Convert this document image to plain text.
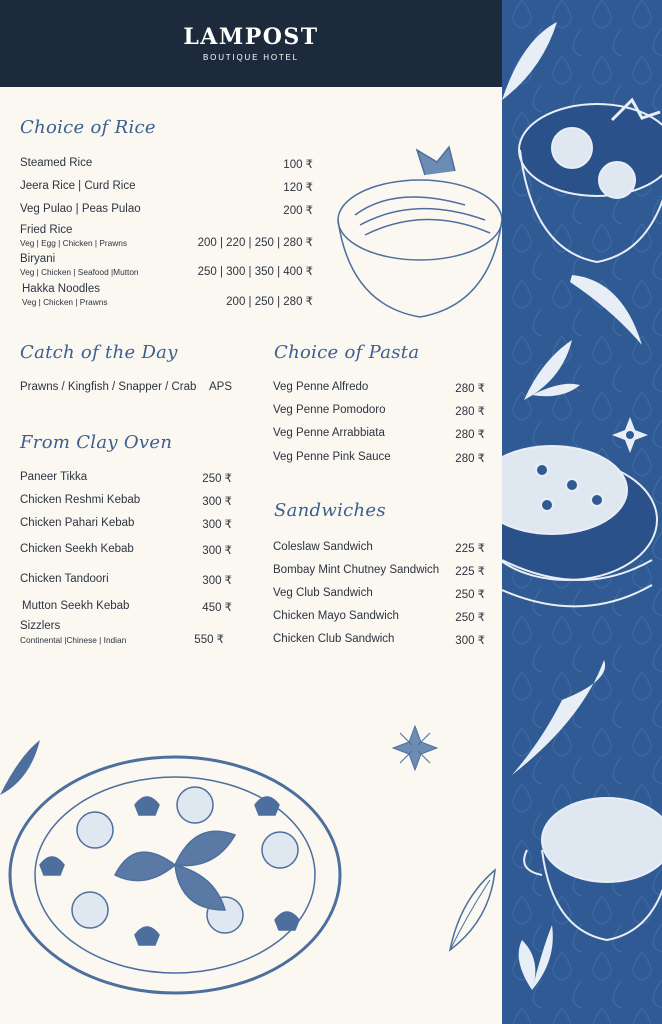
LAMPOST
BOUTIQUE HOTEL
Choice of Rice
Steamed Rice	100 ₹
Jeera Rice | Curd Rice	120 ₹
Veg Pulao | Peas Pulao	200 ₹
Fried Rice
Veg | Egg | Chicken | Prawns	200 | 220 | 250 | 280 ₹
Biryani
Veg | Chicken | Seafood |Mutton	250 | 300 | 350 | 400 ₹
Hakka Noodles
Veg | Chicken | Prawns	200 | 250 | 280 ₹
Catch of the Day
Prawns / Kingfish / Snapper / Crab APS
From Clay Oven
Paneer Tikka	250 ₹
Chicken Reshmi Kebab	300 ₹
Chicken Pahari Kebab	300 ₹
Chicken Seekh Kebab	300 ₹
Chicken Tandoori	300 ₹
Mutton Seekh Kebab	450 ₹
Sizzlers
Continental |Chinese | Indian	550 ₹
Choice of Pasta
Veg Penne Alfredo	280 ₹
Veg Penne Pomodoro	280 ₹
Veg Penne Arrabbiata	280 ₹
Veg Penne Pink Sauce	280 ₹
Sandwiches
Coleslaw Sandwich	225 ₹
Bombay Mint Chutney Sandwich 225 ₹
Veg Club Sandwich	250 ₹
Chicken Mayo Sandwich	250 ₹
Chicken Club Sandwich	300 ₹
